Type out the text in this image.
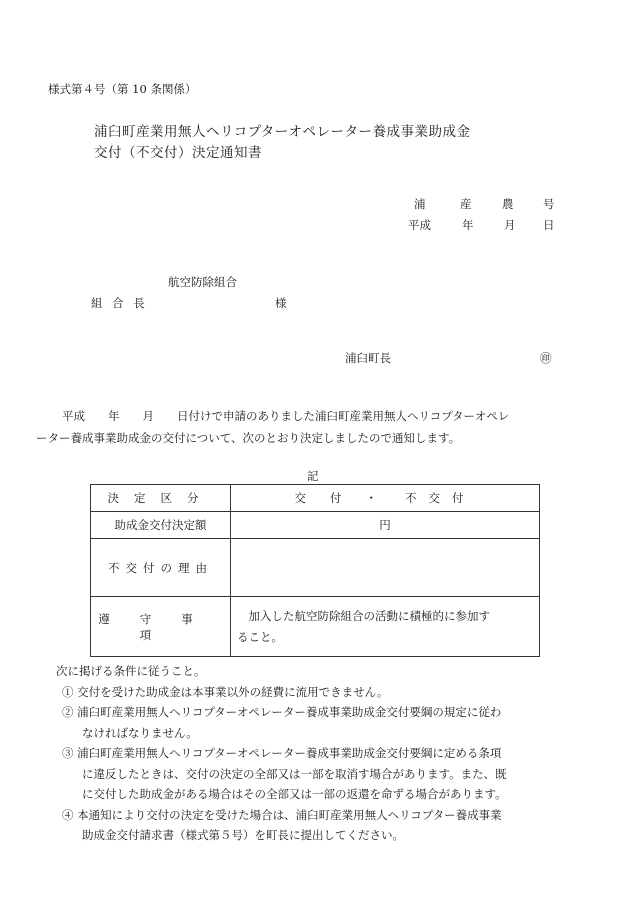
様式第４号（第 10 条関係）
浦臼町産業用無人ヘリコプターオペレーター養成事業助成金
交付（不交付）決定通知書
浦	産	農	号
平成	年	月 日
航空防除組合
組 合 長	様
浦臼町長	㊞
平成　　年　　月　　日付けで申請のありました浦臼町産業用無人ヘリコプターオペレ
ーター養成事業助成金の交付について、次のとおり決定しましたので通知します。
記
決定区分	交付・ 不交付
助成金交付決定額	円
不交付の理由	
遵守事項	　加入した航空防除組合の活動に積極的に参加す
ること。
次に掲げる条件に従うこと。
① 交付を受けた助成金は本事業以外の経費に流用できません。
② 浦臼町産業用無人ヘリコプターオペレーター養成事業助成金交付要綱の規定に従わ
なければなりません。
③ 浦臼町産業用無人ヘリコプターオペレーター養成事業助成金交付要綱に定める条項
に違反したときは、交付の決定の全部又は一部を取消す場合があります。また、既
に交付した助成金がある場合はその全部又は一部の返還を命ずる場合があります。
④ 本通知により交付の決定を受けた場合は、浦臼町産業用無人ヘリコプター養成事業
助成金交付請求書（様式第５号）を町長に提出してください。
